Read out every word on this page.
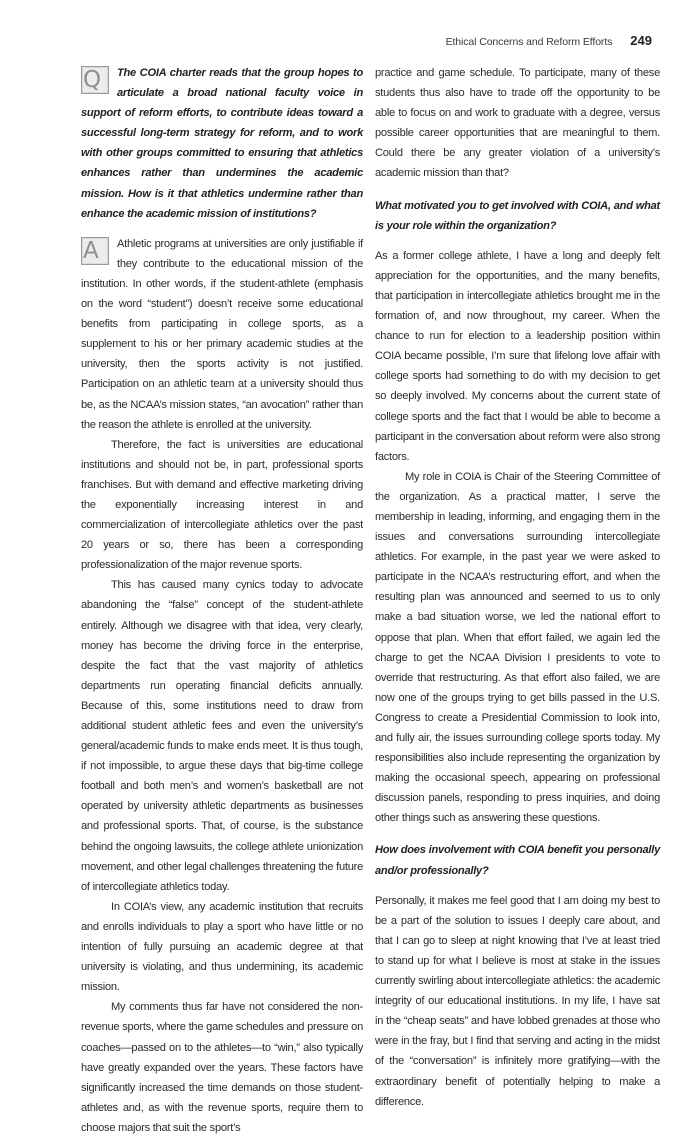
Ethical Concerns and Reform Efforts 249

Q	The COIA charter reads that the group hopes to articulate a broad national faculty voice in support of reform efforts, to contribute ideas toward a successful long-term strategy for reform, and to work with other groups committed to ensuring that athletics enhances rather than undermines the academic mission. How is it that athletics undermine rather than enhance the academic mission of institutions?

A	Athletic programs at universities are only justifiable if they contribute to the educational mission of the institution. In other words, if the student-athlete (emphasis on the word “student”) doesn’t receive some educational benefits from participating in college sports, as a supplement to his or her primary academic studies at the university, then the sports activity is not justified. Participation on an athletic team at a university should thus be, as the NCAA’s mission states, “an avocation” rather than the reason the athlete is enrolled at the university.

Therefore, the fact is universities are educational institutions and should not be, in part, professional sports franchises. But with demand and effective marketing driving the exponentially increasing interest in and commercialization of intercollegiate athletics over the past 20 years or so, there has been a corresponding professionalization of the major revenue sports.

This has caused many cynics today to advocate abandoning the “false” concept of the student-athlete entirely. Although we disagree with that idea, very clearly, money has become the driving force in the enterprise, despite the fact that the vast majority of athletics departments run operating financial deficits annually. Because of this, some institutions need to draw from additional student athletic fees and even the university’s general/academic funds to make ends meet. It is thus tough, if not impossible, to argue these days that big-time college football and both men’s and women’s basketball are not operated by university athletic departments as businesses and professional sports. That, of course, is the substance behind the ongoing lawsuits, the college athlete unionization movement, and other legal challenges threatening the future of intercollegiate athletics today.

In COIA’s view, any academic institution that recruits and enrolls individuals to play a sport who have little or no intention of fully pursuing an academic degree at that university is violating, and thus undermining, its academic mission.

My comments thus far have not considered the non-revenue sports, where the game schedules and pressure on coaches—passed on to the athletes—to “win,” also typically have greatly expanded over the years. These factors have significantly increased the time demands on those student-athletes and, as with the revenue sports, require them to choose majors that suit the sport’s

practice and game schedule. To participate, many of these students thus also have to trade off the opportunity to be able to focus on and work to graduate with a degree, versus possible career opportunities that are meaningful to them. Could there be any greater violation of a university’s academic mission than that?

What motivated you to get involved with COIA, and what is your role within the organization?

As a former college athlete, I have a long and deeply felt appreciation for the opportunities, and the many benefits, that participation in intercollegiate athletics brought me in the formation of, and now throughout, my career. When the chance to run for election to a leadership position within COIA became possible, I’m sure that lifelong love affair with college sports had something to do with my decision to get so deeply involved. My concerns about the current state of college sports and the fact that I would be able to become a participant in the conversation about reform were also strong factors.

My role in COIA is Chair of the Steering Committee of the organization. As a practical matter, I serve the membership in leading, informing, and engaging them in the issues and conversations surrounding intercollegiate athletics. For example, in the past year we were asked to participate in the NCAA’s restructuring effort, and when the resulting plan was announced and seemed to us to only make a bad situation worse, we led the national effort to oppose that plan. When that effort failed, we again led the charge to get the NCAA Division I presidents to vote to override that restructuring. As that effort also failed, we are now one of the groups trying to get bills passed in the U.S. Congress to create a Presidential Commission to look into, and fully air, the issues surrounding college sports today. My responsibilities also include representing the organization by making the occasional speech, appearing on professional discussion panels, responding to press inquiries, and doing other things such as answering these questions.

How does involvement with COIA benefit you personally and/or professionally?

Personally, it makes me feel good that I am doing my best to be a part of the solution to issues I deeply care about, and that I can go to sleep at night knowing that I’ve at least tried to stand up for what I believe is most at stake in the issues currently swirling about intercollegiate athletics: the academic integrity of our educational institutions. In my life, I have sat in the “cheap seats” and have lobbed grenades at those who were in the fray, but I find that serving and acting in the midst of the “conversation” is infinitely more gratifying—with the extraordinary benefit of potentially helping to make a difference.
